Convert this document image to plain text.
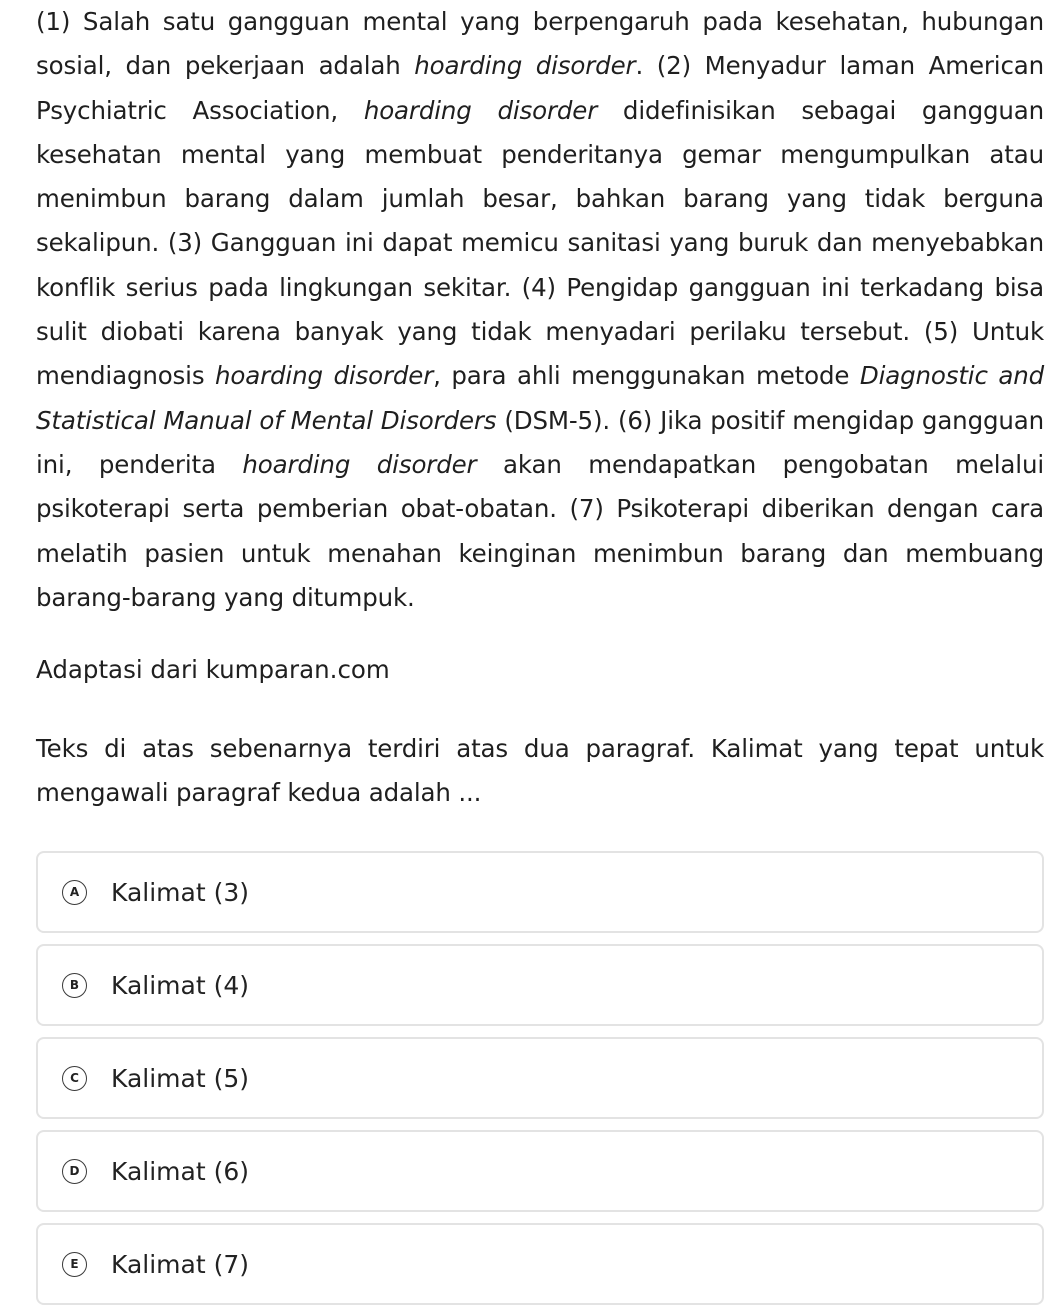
(1) Salah satu gangguan mental yang berpengaruh pada kesehatan, hubungan sosial, dan pekerjaan adalah hoarding disorder. (2) Menyadur laman American Psychiatric Association, hoarding disorder didefinisikan sebagai gangguan kesehatan mental yang membuat penderitanya gemar mengumpulkan atau menimbun barang dalam jumlah besar, bahkan barang yang tidak berguna sekalipun. (3) Gangguan ini dapat memicu sanitasi yang buruk dan menyebabkan konflik serius pada lingkungan sekitar. (4) Pengidap gangguan ini terkadang bisa sulit diobati karena banyak yang tidak menyadari perilaku tersebut. (5) Untuk mendiagnosis hoarding disorder, para ahli menggunakan metode Diagnostic and Statistical Manual of Mental Disorders (DSM-5). (6) Jika positif mengidap gangguan ini, penderita hoarding disorder akan mendapatkan pengobatan melalui psikoterapi serta pemberian obat-obatan. (7) Psikoterapi diberikan dengan cara melatih pasien untuk menahan keinginan menimbun barang dan membuang barang-barang yang ditumpuk.

Adaptasi dari kumparan.com

Teks di atas sebenarnya terdiri atas dua paragraf. Kalimat yang tepat untuk mengawali paragraf kedua adalah ...

A	Kalimat (3)
B	Kalimat (4)
C	Kalimat (5)
D	Kalimat (6)
E	Kalimat (7)
